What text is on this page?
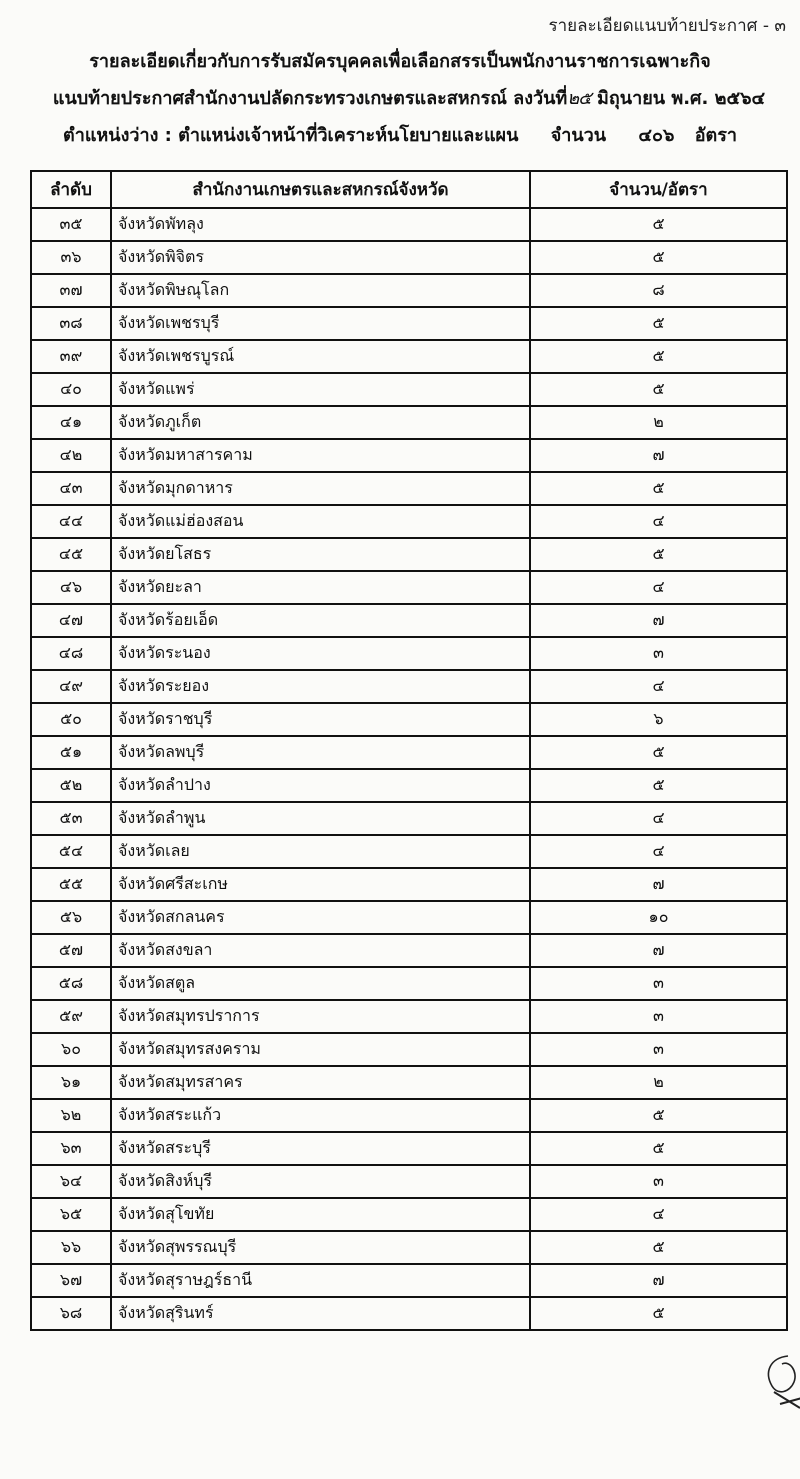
รายละเอียดแนบท้ายประกาศ - ๓
รายละเอียดเกี่ยวกับการรับสมัครบุคคลเพื่อเลือกสรรเป็นพนักงานราชการเฉพาะกิจ
แนบท้ายประกาศสำนักงานปลัดกระทรวงเกษตรและสหกรณ์ ลงวันที่๒๕ มิถุนายน พ.ศ. ๒๕๖๔
ตำแหน่งว่าง : ตำแหน่งเจ้าหน้าที่วิเคราะห์นโยบายและแผน จำนวน ๔๐๖ อัตรา
ลำดับ	สำนักงานเกษตรและสหกรณ์จังหวัด	จำนวน/อัตรา
๓๕	จังหวัดพัทลุง	๕
๓๖	จังหวัดพิจิตร	๕
๓๗	จังหวัดพิษณุโลก	๘
๓๘	จังหวัดเพชรบุรี	๕
๓๙	จังหวัดเพชรบูรณ์	๕
๔๐	จังหวัดแพร่	๕
๔๑	จังหวัดภูเก็ต	๒
๔๒	จังหวัดมหาสารคาม	๗
๔๓	จังหวัดมุกดาหาร	๕
๔๔	จังหวัดแม่ฮ่องสอน	๔
๔๕	จังหวัดยโสธร	๕
๔๖	จังหวัดยะลา	๔
๔๗	จังหวัดร้อยเอ็ด	๗
๔๘	จังหวัดระนอง	๓
๔๙	จังหวัดระยอง	๔
๕๐	จังหวัดราชบุรี	๖
๕๑	จังหวัดลพบุรี	๕
๕๒	จังหวัดลำปาง	๕
๕๓	จังหวัดลำพูน	๔
๕๔	จังหวัดเลย	๔
๕๕	จังหวัดศรีสะเกษ	๗
๕๖	จังหวัดสกลนคร	๑๐
๕๗	จังหวัดสงขลา	๗
๕๘	จังหวัดสตูล	๓
๕๙	จังหวัดสมุทรปราการ	๓
๖๐	จังหวัดสมุทรสงคราม	๓
๖๑	จังหวัดสมุทรสาคร	๒
๖๒	จังหวัดสระแก้ว	๕
๖๓	จังหวัดสระบุรี	๕
๖๔	จังหวัดสิงห์บุรี	๓
๖๕	จังหวัดสุโขทัย	๔
๖๖	จังหวัดสุพรรณบุรี	๕
๖๗	จังหวัดสุราษฎร์ธานี	๗
๖๘	จังหวัดสุรินทร์	๕
